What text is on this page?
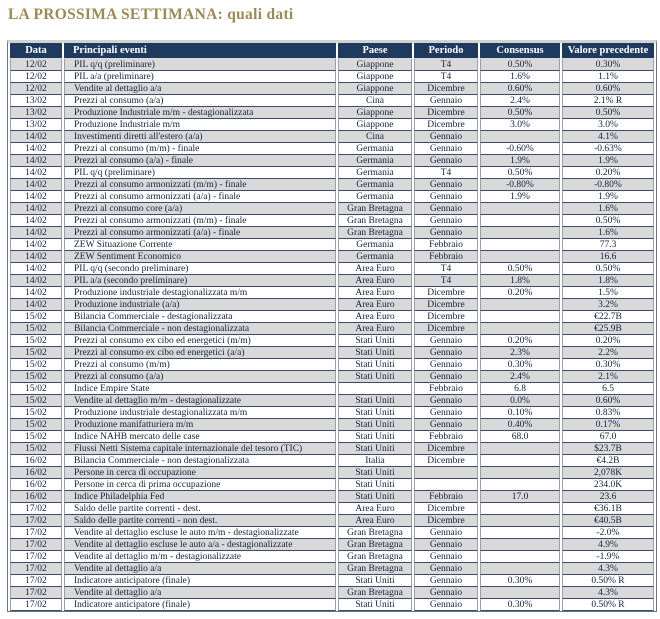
LA PROSSIMA SETTIMANA: quali dati
Data	Principali eventi	Paese	Periodo	Consensus	Valore precedente
12/02	PIL q/q (preliminare)	Giappone	T4	0.50%	0.30%
12/02	PIL a/a (preliminare)	Giappone	T4	1.6%	1.1%
12/02	Vendite al dettaglio a/a	Giappone	Dicembre	0.60%	0.60%
13/02	Prezzi al consumo (a/a)	Cina	Gennaio	2.4%	2.1% R
13/02	Produzione Industriale m/m - destagionalizzata	Giappone	Dicembre	0.50%	0.50%
13/02	Produzione Industriale m/m	Giappone	Dicembre	3.0%	3.0%
14/02	Investimenti diretti all'estero (a/a)	Cina	Gennaio		4.1%
14/02	Prezzi al consumo (m/m) - finale	Germania	Gennaio	-0.60%	-0.63%
14/02	Prezzi al consumo (a/a) - finale	Germania	Gennaio	1.9%	1.9%
14/02	PIL q/q (preliminare)	Germania	T4	0.50%	0.20%
14/02	Prezzi al consumo armonizzati (m/m) - finale	Germania	Gennaio	-0.80%	-0.80%
14/02	Prezzi al consumo armonizzati (a/a) - finale	Germania	Gennaio	1.9%	1.9%
14/02	Prezzi al consumo core (a/a)	Gran Bretagna	Gennaio		1.6%
14/02	Prezzi al consumo armonizzati (m/m) - finale	Gran Bretagna	Gennaio		0.50%
14/02	Prezzi al consumo armonizzati (a/a) - finale	Gran Bretagna	Gennaio		1.6%
14/02	ZEW Situazione Corrente	Germania	Febbraio		77.3
14/02	ZEW Sentiment Economico	Germania	Febbraio		16.6
14/02	PIL q/q (secondo preliminare)	Area Euro	T4	0.50%	0.50%
14/02	PIL a/a (secondo preliminare)	Area Euro	T4	1.8%	1.8%
14/02	Produzione industriale destagionalizzata m/m	Area Euro	Dicembre	0.20%	1.5%
14/02	Produzione industriale (a/a)	Area Euro	Dicembre		3.2%
15/02	Bilancia Commerciale - destagionalizzata	Area Euro	Dicembre		€22.7B
15/02	Bilancia Commerciale - non destagionalizzata	Area Euro	Dicembre		€25.9B
15/02	Prezzi al consumo ex cibo ed energetici (m/m)	Stati Uniti	Gennaio	0.20%	0.20%
15/02	Prezzi al consumo ex cibo ed energetici (a/a)	Stati Uniti	Gennaio	2.3%	2.2%
15/02	Prezzi al consumo (m/m)	Stati Uniti	Gennaio	0.30%	0.30%
15/02	Prezzi al consumo (a/a)	Stati Uniti	Gennaio	2.4%	2.1%
15/02	Indice Empire State		Febbraio	6.8	6.5
15/02	Vendite al dettaglio m/m - destagionalizzate	Stati Uniti	Gennaio	0.0%	0.60%
15/02	Produzione industriale destagionalizzata m/m	Stati Uniti	Gennaio	0.10%	0.83%
15/02	Produzione manifatturiera m/m	Stati Uniti	Gennaio	0.40%	0.17%
15/02	Indice NAHB mercato delle case	Stati Uniti	Febbraio	68.0	67.0
15/02	Flussi Netti Sistema capitale internazionale del tesoro (TIC)	Stati Uniti	Dicembre		$23.7B
16/02	Bilancia Commerciale - non destagionalizzata	Italia	Dicembre		€4.2B
16/02	Persone in cerca di occupazione	Stati Uniti			2,078K
16/02	Persone in cerca di prima occupazione	Stati Uniti			234.0K
16/02	Indice Philadelphia Fed	Stati Uniti	Febbraio	17.0	23.6
17/02	Saldo delle partite correnti - dest.	Area Euro	Dicembre		€36.1B
17/02	Saldo delle partite correnti - non dest.	Area Euro	Dicembre		€40.5B
17/02	Vendite al dettaglio escluse le auto m/m - destagionalizzate	Gran Bretagna	Gennaio		-2.0%
17/02	Vendite al dettaglio escluse le auto a/a - destagionalizzate	Gran Bretagna	Gennaio		4.9%
17/02	Vendite al dettaglio m/m - destagionalizzate	Gran Bretagna	Gennaio		-1.9%
17/02	Vendite al dettaglio a/a	Gran Bretagna	Gennaio		4.3%
17/02	Indicatore anticipatore (finale)	Stati Uniti	Gennaio	0.30%	0.50% R
17/02	Vendite al dettaglio a/a	Gran Bretagna	Gennaio		4.3%
17/02	Indicatore anticipatore (finale)	Stati Uniti	Gennaio	0.30%	0.50% R
